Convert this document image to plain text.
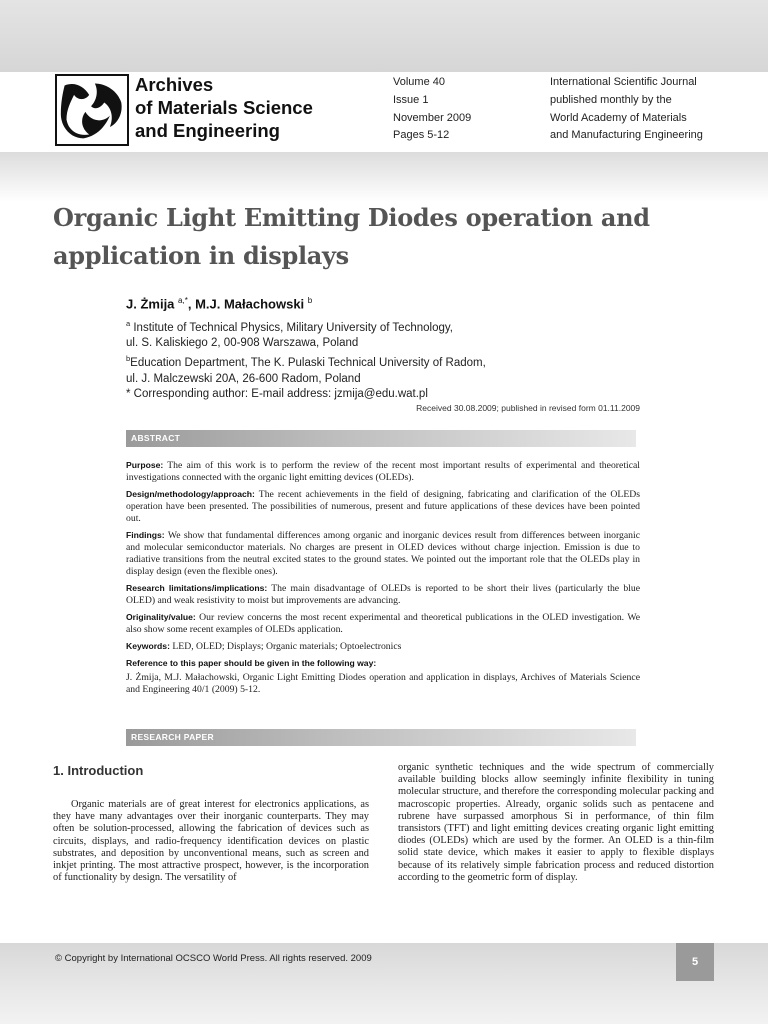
Archives
of Materials Science
and Engineering
Volume 40
Issue 1
November 2009
Pages 5-12
International Scientific Journal
published monthly by the
World Academy of Materials
and Manufacturing Engineering
Organic Light Emitting Diodes operation and application in displays
J. Żmija $^{a,*}$, M.J. Małachowski $^b$
$^a$ Institute of Technical Physics, Military University of Technology,
ul. S. Kaliskiego 2, 00-908 Warszawa, Poland
$^b$Education Department, The K. Pulaski Technical University of Radom,
ul. J. Malczewski 20A, 26-600 Radom, Poland
* Corresponding author: E-mail address: jzmija@edu.wat.pl
Received 30.08.2009; published in revised form 01.11.2009
ABSTRACT

Purpose: The aim of this work is to perform the review of the recent most important results of experimental and theoretical investigations connected with the organic light emitting devices (OLEDs).

Design/methodology/approach: The recent achievements in the field of designing, fabricating and clarification of the OLEDs operation have been presented. The possibilities of numerous, present and future applications of these devices have been pointed out.

Findings: We show that fundamental differences among organic and inorganic devices result from differences between inorganic and molecular semiconductor materials. No charges are present in OLED devices without charge injection. Emission is due to radiative transitions from the neutral excited states to the ground states. We pointed out the important role that the OLEDs play in display design (even the flexible ones).

Research limitations/implications: The main disadvantage of OLEDs is reported to be short their lives (particularly the blue OLED) and weak resistivity to moist but improvements are advancing.

Originality/value: Our review concerns the most recent experimental and theoretical publications in the OLED investigation. We also show some recent examples of OLEDs application.

Keywords: LED, OLED; Displays; Organic materials; Optoelectronics

Reference to this paper should be given in the following way:

J. Żmija, M.J. Małachowski, Organic Light Emitting Diodes operation and application in displays, Archives of Materials Science and Engineering 40/1 (2009) 5-12.

RESEARCH PAPER
1. Introduction
Organic materials are of great interest for electronics applications, as they have many advantages over their inorganic counterparts. They may often be solution-processed, allowing the fabrication of devices such as circuits, displays, and radio-frequency identification devices on plastic substrates, and deposition by unconventional means, such as screen and inkjet printing. The most attractive prospect, however, is the incorporation of functionality by design. The versatility of
organic synthetic techniques and the wide spectrum of commercially available building blocks allow seemingly infinite flexibility in tuning molecular structure, and therefore the corresponding molecular packing and macroscopic properties. Already, organic solids such as pentacene and rubrene have surpassed amorphous Si in performance, of thin film transistors (TFT) and light emitting devices creating organic light emitting diodes (OLEDs) which are used by the former. An OLED is a thin-film solid state device, which makes it easier to apply to flexible displays because of its relatively simple fabrication process and reduced distortion according to the geometric form of display.
© Copyright by International OCSCO World Press. All rights reserved. 2009	5
